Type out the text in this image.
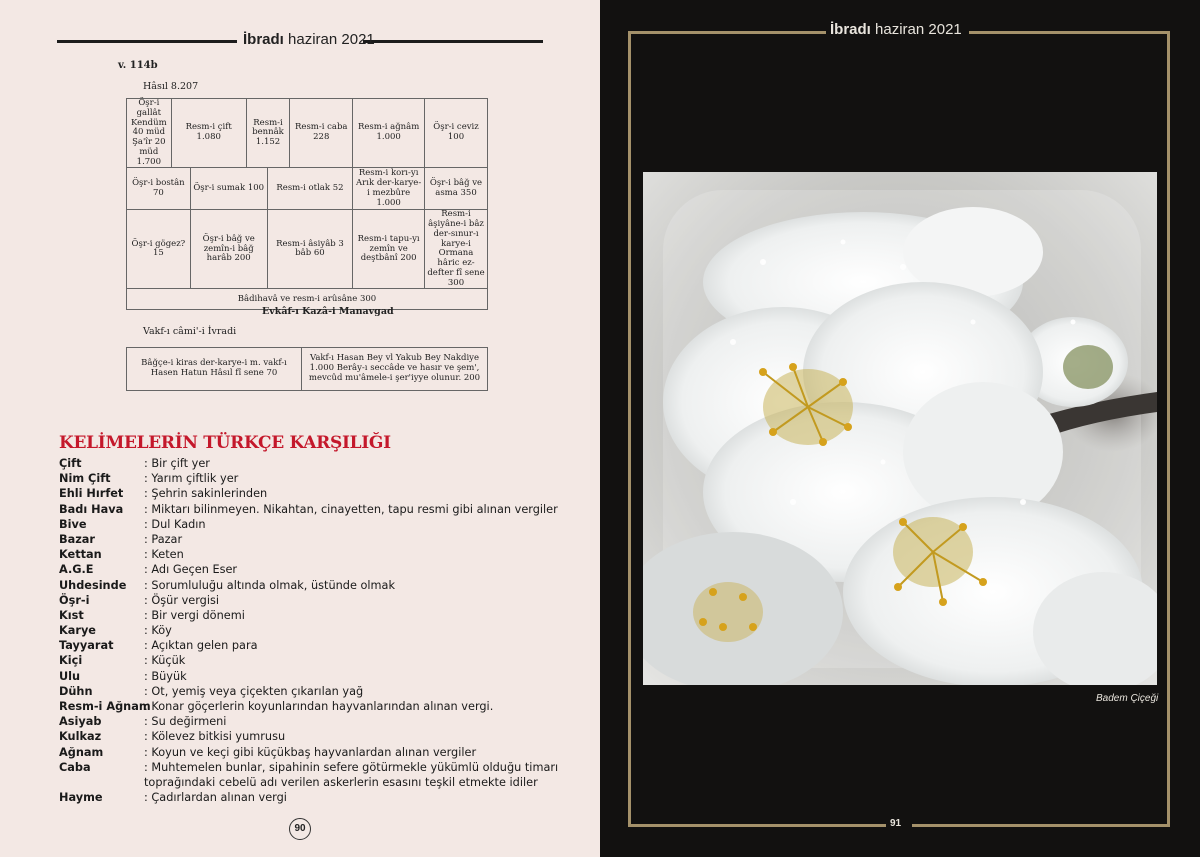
İbradı haziran 2021
v. 114b
Hâsıl 8.207
Öşr-i gallât Kendüm 40 müd Şa'îr 20 müd 1.700	Resm-i çift 1.080		Resm-i bennâk 1.152		Resm-i caba 228	Resm-i ağnâm 1.000	Öşr-i ceviz 100
Öşr-i bostân 70		Öşr-i sumak 100		Resm-i otlak 52		Resm-i korı-yı Arık der-karye-i mezbûre 1.000	Öşr-i bâğ ve asma 350
Öşr-i gögez? 15		Öşr-i bâğ ve zemîn-i bâğ harâb 200		Resm-i âsiyâb 3 bâb 60		Resm-i tapu-yı zemîn ve deştbânî 200	Resm-i âşiyâne-i bâz der-sınur-ı karye-i Ormana hâric ez-defter fî sene 300
Bâdihavâ ve resm-i arûsâne 300							
Evkâf-ı Kazâ-i Manavgad
Vakf-ı câmi'-i İvradi
Bâğçe-i kiras der-karye-i m. vakf-ı Hasen Hatun Hâsıl fî sene 70	Vakf-ı Hasan Bey vl Yakub Bey Nakdiye 1.000 Berây-ı seccâde ve hasır ve şem', mevcûd mu'âmele-i şer'iyye olunur. 200
KELİMELERİN TÜRKÇE KARŞILIĞI
Çift	: Bir çift yer
Nim Çift	: Yarım çiftlik yer
Ehli Hırfet	: Şehrin sakinlerinden
Badı Hava	: Miktarı bilinmeyen. Nikahtan, cinayetten, tapu resmi gibi alınan vergiler
Bive	: Dul Kadın
Bazar	: Pazar
Kettan	: Keten
A.G.E	: Adı Geçen Eser
Uhdesinde	: Sorumluluğu altında olmak, üstünde olmak
Öşr-i	: Öşür vergisi
Kıst	: Bir vergi dönemi
Karye	: Köy
Tayyarat	: Açıktan gelen para
Kiçi	: Küçük
Ulu	: Büyük
Dühn	: Ot, yemiş veya çiçekten çıkarılan yağ
Resm-i Ağnam
: Konar göçerlerin koyunlarından hayvanlarından alınan vergi.
Asiyab	: Su değirmeni
Kulkaz	: Kölevez bitkisi yumrusu
Ağnam	: Koyun ve keçi gibi küçükbaş hayvanlardan alınan vergiler
Caba	: Muhtemelen bunlar, sipahinin sefere götürmekle yükümlü olduğu timarı toprağındaki cebelü adı verilen askerlerin esasını teşkil etmekte idiler
Hayme	: Çadırlardan alınan vergi
90
İbradı haziran 2021
Badem Çiçeği
91
